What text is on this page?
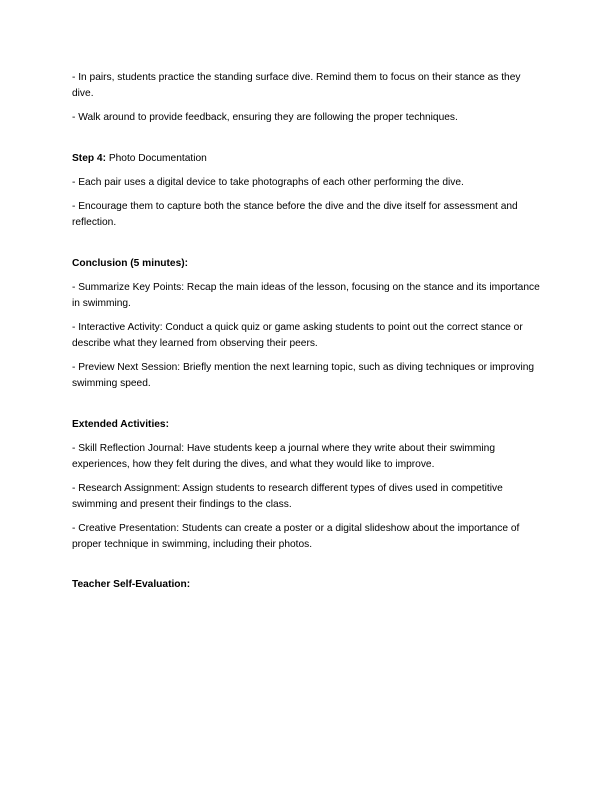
- In pairs, students practice the standing surface dive. Remind them to focus on their stance as they dive.

- Walk around to provide feedback, ensuring they are following the proper techniques.

Step 4: Photo Documentation

- Each pair uses a digital device to take photographs of each other performing the dive.

- Encourage them to capture both the stance before the dive and the dive itself for assessment and reflection.

Conclusion (5 minutes):

- Summarize Key Points: Recap the main ideas of the lesson, focusing on the stance and its importance in swimming.

- Interactive Activity: Conduct a quick quiz or game asking students to point out the correct stance or describe what they learned from observing their peers.

- Preview Next Session: Briefly mention the next learning topic, such as diving techniques or improving swimming speed.

Extended Activities:

- Skill Reflection Journal: Have students keep a journal where they write about their swimming experiences, how they felt during the dives, and what they would like to improve.

- Research Assignment: Assign students to research different types of dives used in competitive swimming and present their findings to the class.

- Creative Presentation: Students can create a poster or a digital slideshow about the importance of proper technique in swimming, including their photos.

Teacher Self-Evaluation:
